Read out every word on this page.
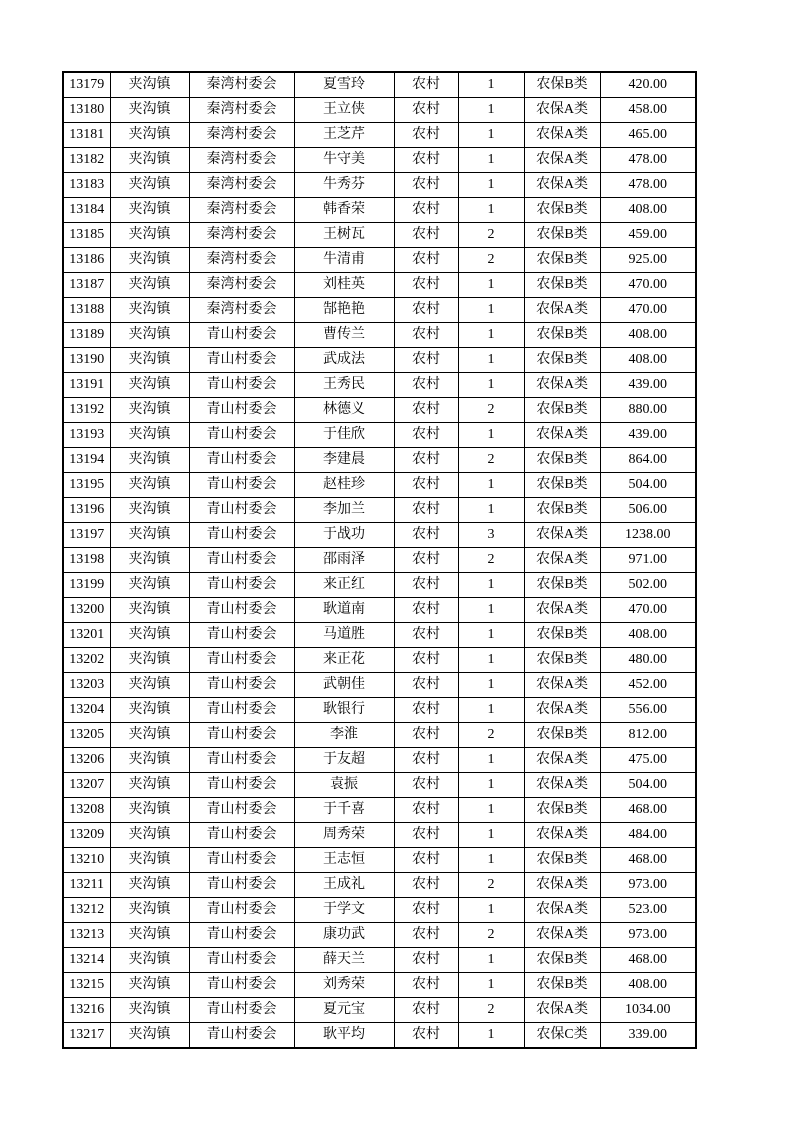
13179	夹沟镇	秦湾村委会	夏雪玲	农村	1	农保B类	420.00
13180	夹沟镇	秦湾村委会	王立侠	农村	1	农保A类	458.00
13181	夹沟镇	秦湾村委会	王芝芹	农村	1	农保A类	465.00
13182	夹沟镇	秦湾村委会	牛守美	农村	1	农保A类	478.00
13183	夹沟镇	秦湾村委会	牛秀芬	农村	1	农保A类	478.00
13184	夹沟镇	秦湾村委会	韩香荣	农村	1	农保B类	408.00
13185	夹沟镇	秦湾村委会	王树瓦	农村	2	农保B类	459.00
13186	夹沟镇	秦湾村委会	牛清甫	农村	2	农保B类	925.00
13187	夹沟镇	秦湾村委会	刘桂英	农村	1	农保B类	470.00
13188	夹沟镇	秦湾村委会	郜艳艳	农村	1	农保A类	470.00
13189	夹沟镇	青山村委会	曹传兰	农村	1	农保B类	408.00
13190	夹沟镇	青山村委会	武成法	农村	1	农保B类	408.00
13191	夹沟镇	青山村委会	王秀民	农村	1	农保A类	439.00
13192	夹沟镇	青山村委会	林德义	农村	2	农保B类	880.00
13193	夹沟镇	青山村委会	于佳欣	农村	1	农保A类	439.00
13194	夹沟镇	青山村委会	李建晨	农村	2	农保B类	864.00
13195	夹沟镇	青山村委会	赵桂珍	农村	1	农保B类	504.00
13196	夹沟镇	青山村委会	李加兰	农村	1	农保B类	506.00
13197	夹沟镇	青山村委会	于战功	农村	3	农保A类	1238.00
13198	夹沟镇	青山村委会	邵雨泽	农村	2	农保A类	971.00
13199	夹沟镇	青山村委会	来正红	农村	1	农保B类	502.00
13200	夹沟镇	青山村委会	耿道南	农村	1	农保A类	470.00
13201	夹沟镇	青山村委会	马道胜	农村	1	农保B类	408.00
13202	夹沟镇	青山村委会	来正花	农村	1	农保B类	480.00
13203	夹沟镇	青山村委会	武朝佳	农村	1	农保A类	452.00
13204	夹沟镇	青山村委会	耿银行	农村	1	农保A类	556.00
13205	夹沟镇	青山村委会	李淮	农村	2	农保B类	812.00
13206	夹沟镇	青山村委会	于友超	农村	1	农保A类	475.00
13207	夹沟镇	青山村委会	袁振	农村	1	农保A类	504.00
13208	夹沟镇	青山村委会	于千喜	农村	1	农保B类	468.00
13209	夹沟镇	青山村委会	周秀荣	农村	1	农保A类	484.00
13210	夹沟镇	青山村委会	王志恒	农村	1	农保B类	468.00
13211	夹沟镇	青山村委会	王成礼	农村	2	农保A类	973.00
13212	夹沟镇	青山村委会	于学文	农村	1	农保A类	523.00
13213	夹沟镇	青山村委会	康功武	农村	2	农保A类	973.00
13214	夹沟镇	青山村委会	薛天兰	农村	1	农保B类	468.00
13215	夹沟镇	青山村委会	刘秀荣	农村	1	农保B类	408.00
13216	夹沟镇	青山村委会	夏元宝	农村	2	农保A类	1034.00
13217	夹沟镇	青山村委会	耿平均	农村	1	农保C类	339.00
